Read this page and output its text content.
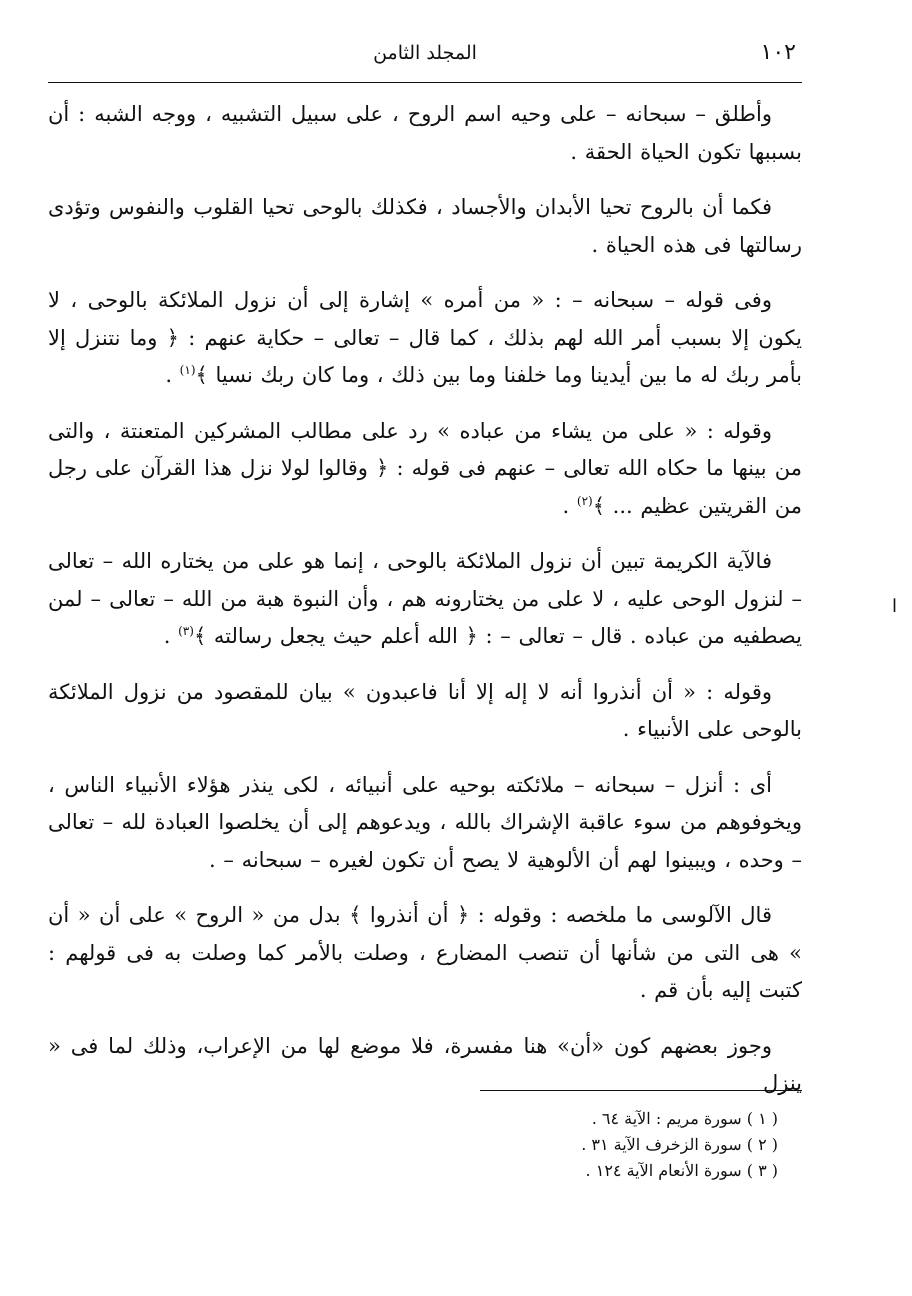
١٠٢
المجلد الثامن

وأطلق – سبحانه – على وحيه اسم الروح ، على سبيل التشبيه ، ووجه الشبه : أن بسببها تكون الحياة الحقة .

فكما أن بالروح تحيا الأبدان والأجساد ، فكذلك بالوحى تحيا القلوب والنفوس وتؤدى رسالتها فى هذه الحياة .

وفى قوله – سبحانه – : « من أمره » إشارة إلى أن نزول الملائكة بالوحى ، لا يكون إلا بسبب أمر الله لهم بذلك ، كما قال – تعالى – حكاية عنهم : ﴿ وما نتنزل إلا بأمر ربك له ما بين أيدينا وما خلفنا وما بين ذلك ، وما كان ربك نسيا ﴾$^{(١)}$ .

وقوله : « على من يشاء من عباده » رد على مطالب المشركين المتعنتة ، والتى من بينها ما حكاه الله تعالى – عنهم فى قوله : ﴿ وقالوا لولا نزل هذا القرآن على رجل من القريتين عظيم ... ﴾$^{(٢)}$ .

فالآية الكريمة تبين أن نزول الملائكة بالوحى ، إنما هو على من يختاره الله – تعالى – لنزول الوحى عليه ، لا على من يختارونه هم ، وأن النبوة هبة من الله – تعالى – لمن يصطفيه من عباده . قال – تعالى – : ﴿ الله أعلم حيث يجعل رسالته ﴾$^{(٣)}$ .

وقوله : « أن أنذروا أنه لا إله إلا أنا فاعبدون » بيان للمقصود من نزول الملائكة بالوحى على الأنبياء .

أى : أنزل – سبحانه – ملائكته بوحيه على أنبيائه ، لكى ينذر هؤلاء الأنبياء الناس ، ويخوفوهم من سوء عاقبة الإشراك بالله ، ويدعوهم إلى أن يخلصوا العبادة لله – تعالى – وحده ، ويبينوا لهم أن الألوهية لا يصح أن تكون لغيره – سبحانه – .

قال الآلوسى ما ملخصه : وقوله : ﴿ أن أنذروا ﴾ بدل من « الروح » على أن « أن » هى التى من شأنها أن تنصب المضارع ، وصلت بالأمر كما وصلت به فى قولهم : كتبت إليه بأن قم .

وجوز بعضهم كون «أن» هنا مفسرة، فلا موضع لها من الإعراب، وذلك لما فى « ينزل

( ١ ) سورة مريم : الآية ٦٤ .

( ٢ ) سورة الزخرف الآية ٣١ .

( ٣ ) سورة الأنعام الآية ١٢٤ .

ا
